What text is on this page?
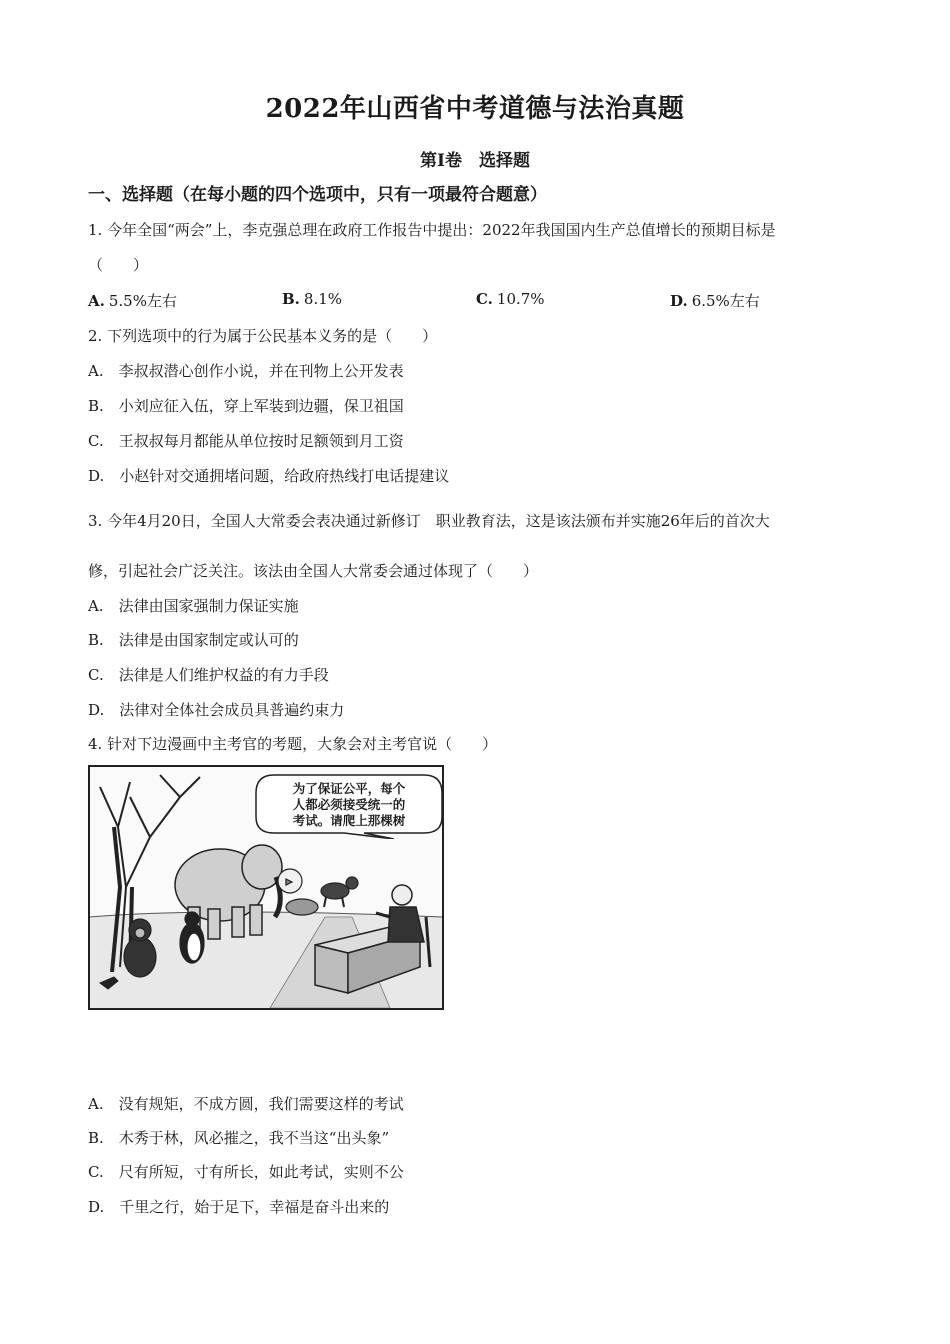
2022年山西省中考道德与法治真题
第Ⅰ卷　选择题
一、选择题（在每小题的四个选项中，只有一项最符合题意）
1. 今年全国“两会”上，李克强总理在政府工作报告中提出：2022年我国国内生产总值增长的预期目标是
（　　）
A. 5.5%左右	B. 8.1%	C. 10.7%	D. 6.5%左右
2. 下列选项中的行为属于公民基本义务的是（　　）
A.　李叔叔潜心创作小说，并在刊物上公开发表
B.　小刘应征入伍，穿上军装到边疆，保卫祖国
C.　王叔叔每月都能从单位按时足额领到月工资
D.　小赵针对交通拥堵问题，给政府热线打电话提建议
3. 今年4月20日，全国人大常委会表决通过新修订　职业教育法，这是该法颁布并实施26年后的首次大
修，引起社会广泛关注。该法由全国人大常委会通过体现了（　　）
A.　法律由国家强制力保证实施
B.　法律是由国家制定或认可的
C.　法律是人们维护权益的有力手段
D.　法律对全体社会成员具普遍约束力
4. 针对下边漫画中主考官的考题，大象会对主考官说（　　）
为了保证公平，每个
人都必须接受统一的
考试。请爬上那棵树
A.　没有规矩，不成方圆，我们需要这样的考试
B.　木秀于林，风必摧之，我不当这“出头象”
C.　尺有所短，寸有所长，如此考试，实则不公
D.　千里之行，始于足下，幸福是奋斗出来的
